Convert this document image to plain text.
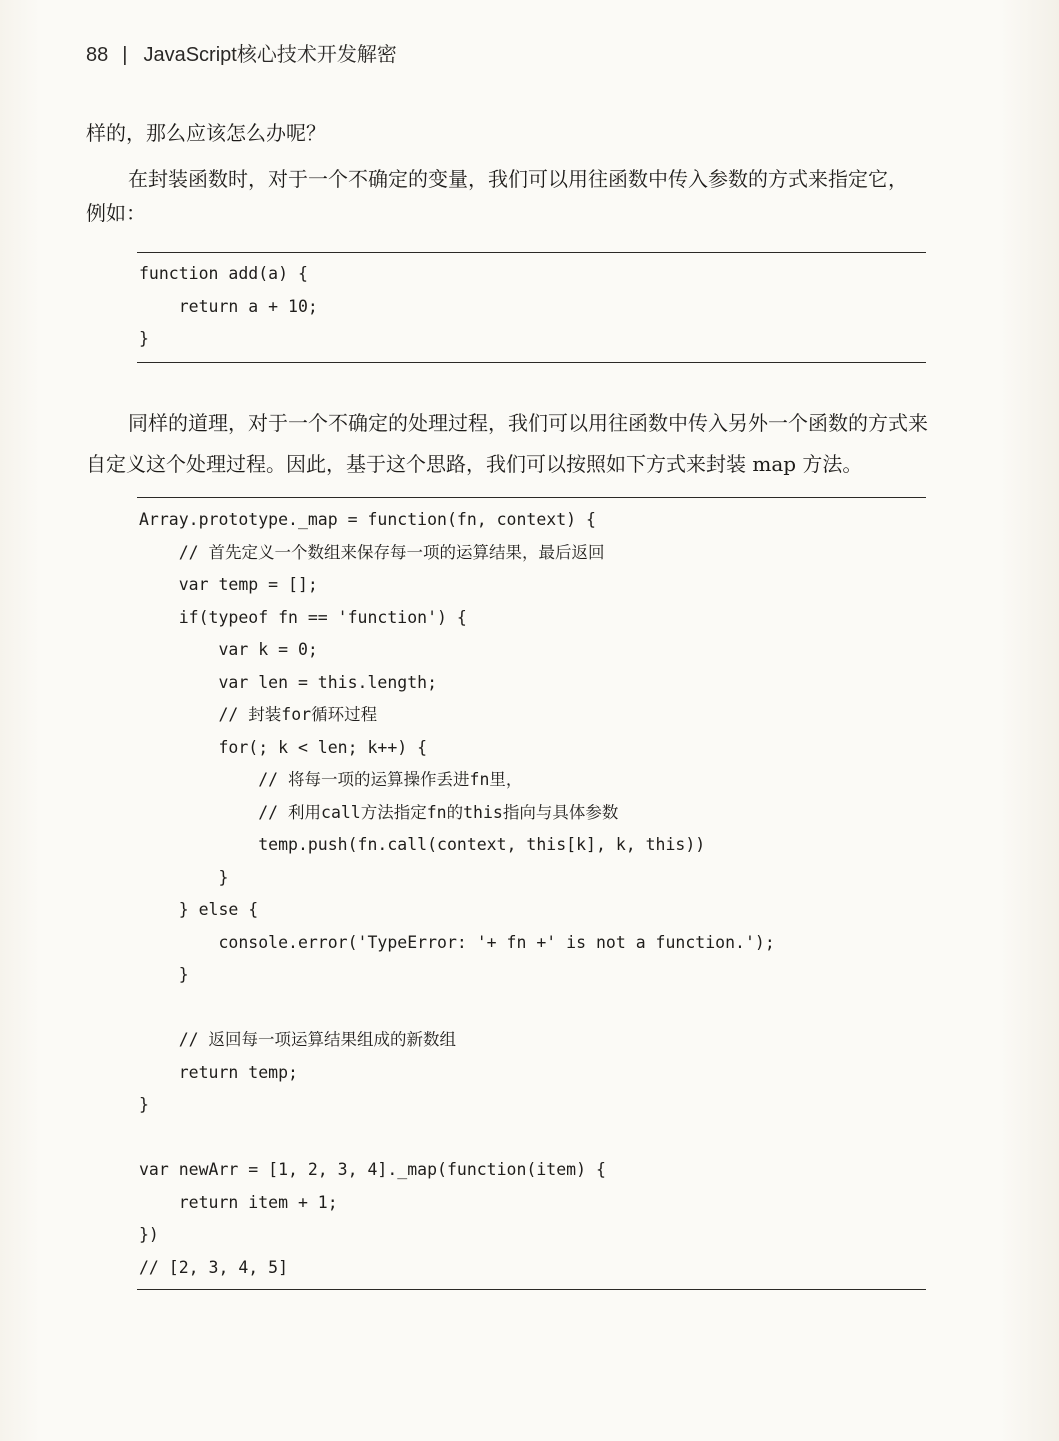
88 | JavaScript核心技术开发解密
样的，那么应该怎么办呢？
在封装函数时，对于一个不确定的变量，我们可以用往函数中传入参数的方式来指定它，
例如：
function add(a) {
return a + 10;
}
同样的道理，对于一个不确定的处理过程，我们可以用往函数中传入另外一个函数的方式来
自定义这个处理过程。因此，基于这个思路，我们可以按照如下方式来封装 map 方法。
Array.prototype._map = function(fn, context) {
// 首先定义一个数组来保存每一项的运算结果，最后返回
var temp = [];
if(typeof fn == 'function') {
var k = 0;
var len = this.length;
// 封装for循环过程
for(; k < len; k++) {
// 将每一项的运算操作丢进fn里，
// 利用call方法指定fn的this指向与具体参数
temp.push(fn.call(context, this[k], k, this))
}
} else {
console.error('TypeError: '+ fn +' is not a function.');
}
// 返回每一项运算结果组成的新数组
return temp;
}
var newArr = [1, 2, 3, 4]._map(function(item) {
return item + 1;
})
// [2, 3, 4, 5]
